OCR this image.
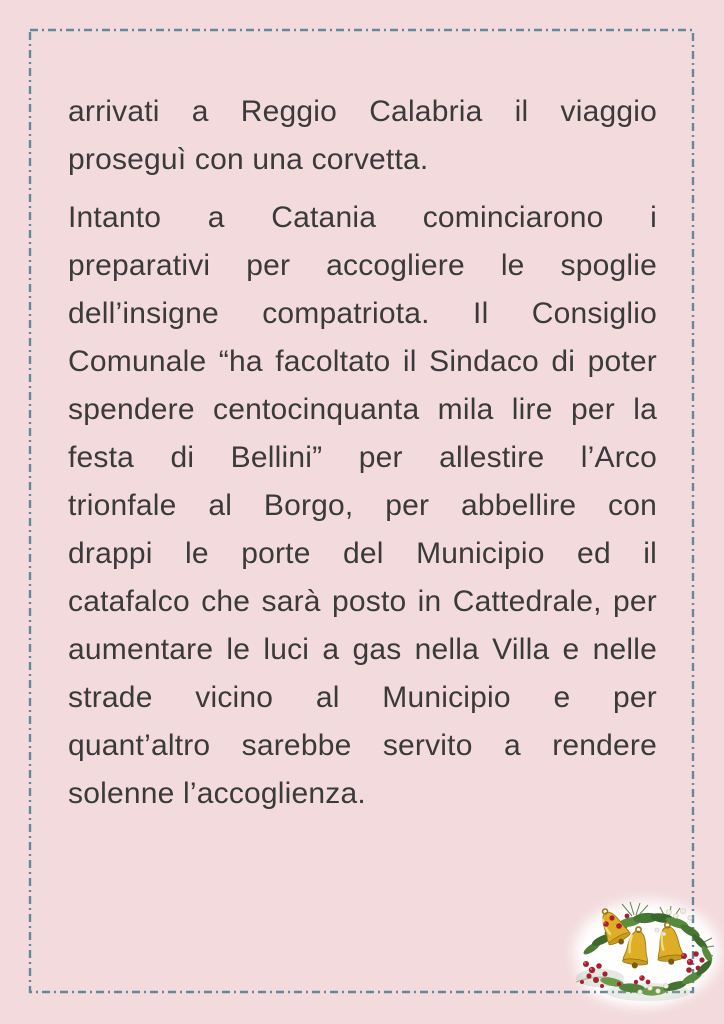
arrivati a Reggio Calabria il viaggio
proseguì con una corvetta.
Intanto a Catania cominciarono i
preparativi per accogliere le spoglie
dell’insigne compatriota. Il Consiglio
Comunale “ha facoltato il Sindaco di poter
spendere centocinquanta mila lire per la
festa di Bellini” per allestire l’Arco
trionfale al Borgo, per abbellire con
drappi le porte del Municipio ed il
catafalco che sarà posto in Cattedrale, per
aumentare le luci a gas nella Villa e nelle
strade vicino al Municipio e per
quant’altro sarebbe servito a rendere
solenne l’accoglienza.
